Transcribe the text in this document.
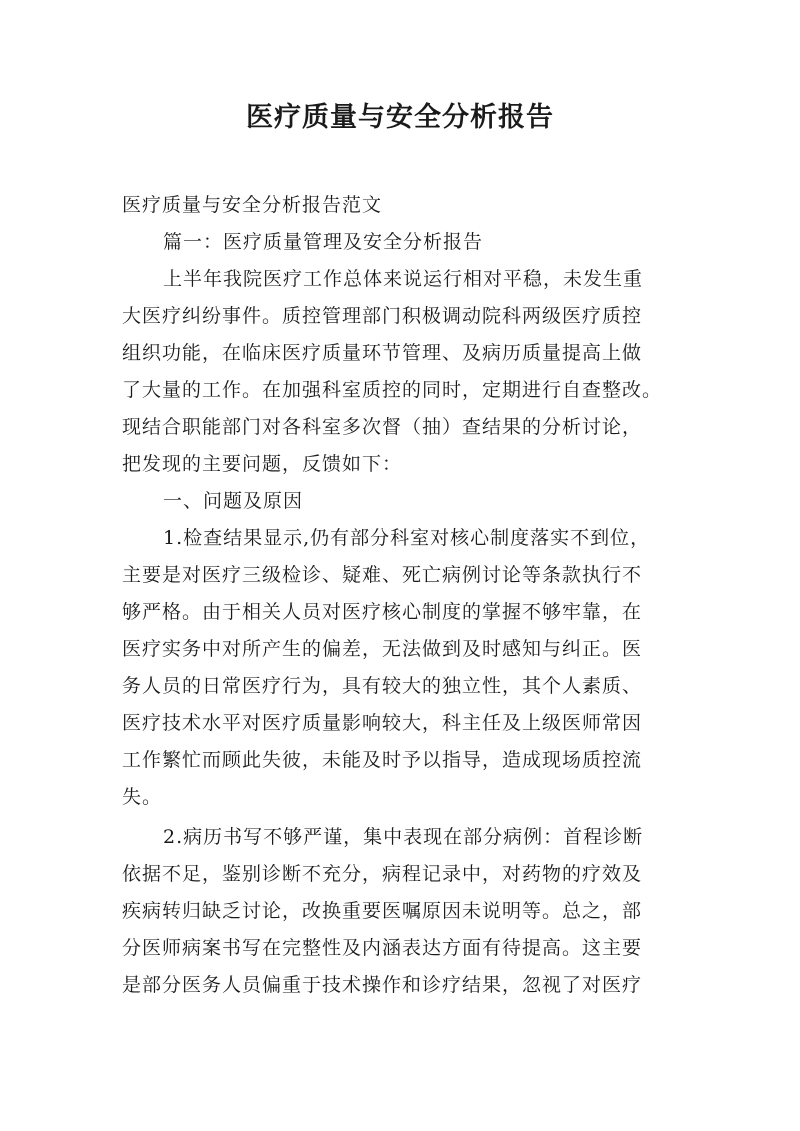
医疗质量与安全分析报告
医疗质量与安全分析报告范文
篇一：医疗质量管理及安全分析报告
上半年我院医疗工作总体来说运行相对平稳，未发生重
大医疗纠纷事件。质控管理部门积极调动院科两级医疗质控
组织功能，在临床医疗质量环节管理、及病历质量提高上做
了大量的工作。在加强科室质控的同时，定期进行自查整改。
现结合职能部门对各科室多次督（抽）查结果的分析讨论，
把发现的主要问题，反馈如下：
一、问题及原因
1.检查结果显示,仍有部分科室对核心制度落实不到位，
主要是对医疗三级检诊、疑难、死亡病例讨论等条款执行不
够严格。由于相关人员对医疗核心制度的掌握不够牢靠，在
医疗实务中对所产生的偏差，无法做到及时感知与纠正。医
务人员的日常医疗行为，具有较大的独立性，其个人素质、
医疗技术水平对医疗质量影响较大，科主任及上级医师常因
工作繁忙而顾此失彼，未能及时予以指导，造成现场质控流
失。
2.病历书写不够严谨，集中表现在部分病例：首程诊断
依据不足，鉴别诊断不充分，病程记录中，对药物的疗效及
疾病转归缺乏讨论，改换重要医嘱原因未说明等。总之，部
分医师病案书写在完整性及内涵表达方面有待提高。这主要
是部分医务人员偏重于技术操作和诊疗结果，忽视了对医疗
